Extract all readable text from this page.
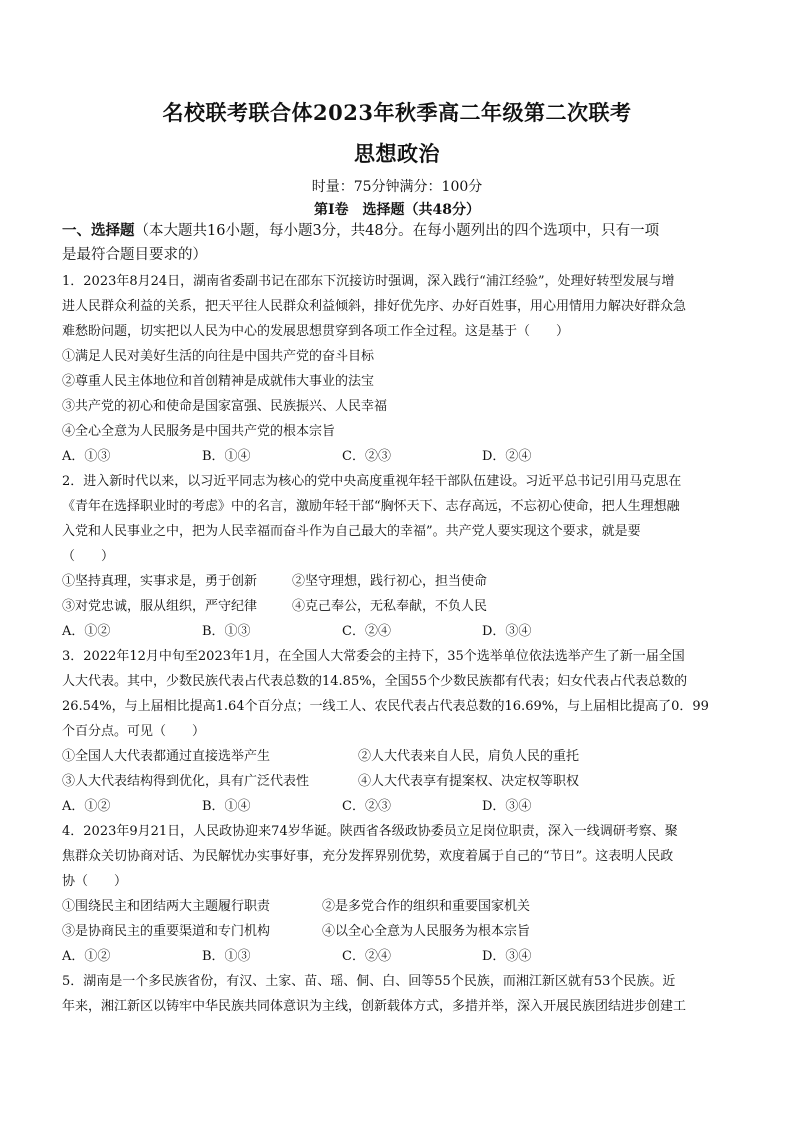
名校联考联合体2023年秋季高二年级第二次联考
思想政治
时量：75分钟满分：100分
第Ⅰ卷　选择题（共48分）
一、选择题（本大题共16小题，每小题3分，共48分。在每小题列出的四个选项中，只有一项
是最符合题目要求的）
1．2023年8月24日，湖南省委副书记在邵东下沉接访时强调，深入践行“浦江经验”，处理好转型发展与增
进人民群众利益的关系，把天平往人民群众利益倾斜，排好优先序、办好百姓事，用心用情用力解决好群众急
难愁盼问题，切实把以人民为中心的发展思想贯穿到各项工作全过程。这是基于（　　）
①满足人民对美好生活的向往是中国共产党的奋斗目标
②尊重人民主体地位和首创精神是成就伟大事业的法宝
③共产党的初心和使命是国家富强、民族振兴、人民幸福
④全心全意为人民服务是中国共产党的根本宗旨
A．①③	B．①④	C．②③	D．②④
2．进入新时代以来，以习近平同志为核心的党中央高度重视年轻干部队伍建设。习近平总书记引用马克思在
《青年在选择职业时的考虑》中的名言，激励年轻干部“胸怀天下、志存高远，不忘初心使命，把人生理想融
入党和人民事业之中，把为人民幸福而奋斗作为自己最大的幸福”。共产党人要实现这个要求，就是要
（　　）
①坚持真理，实事求是，勇于创新	②坚守理想，践行初心，担当使命
③对党忠诚，服从组织，严守纪律	④克己奉公，无私奉献，不负人民
A．①②	B．①③	C．②④	D．③④
3．2022年12月中旬至2023年1月，在全国人大常委会的主持下，35个选举单位依法选举产生了新一届全国
人大代表。其中，少数民族代表占代表总数的14.85%，全国55个少数民族都有代表；妇女代表占代表总数的
26.54%，与上届相比提高1.64个百分点；一线工人、农民代表占代表总数的16.69%，与上届相比提高了0．99
个百分点。可见（　　）
①全国人大代表都通过直接选举产生	②人大代表来自人民，肩负人民的重托
③人大代表结构得到优化，具有广泛代表性	④人大代表享有提案权、决定权等职权
A．①②	B．①④	C．②③	D．③④
4．2023年9月21日，人民政协迎来74岁华诞。陕西省各级政协委员立足岗位职责，深入一线调研考察、聚
焦群众关切协商对话、为民解忧办实事好事，充分发挥界别优势，欢度着属于自己的“节日”。这表明人民政
协（　　）
①围绕民主和团结两大主题履行职责	②是多党合作的组织和重要国家机关
③是协商民主的重要渠道和专门机构	④以全心全意为人民服务为根本宗旨
A．①②	B．①③	C．②④	D．③④
5．湖南是一个多民族省份，有汉、土家、苗、瑶、侗、白、回等55个民族，而湘江新区就有53个民族。近
年来，湘江新区以铸牢中华民族共同体意识为主线，创新载体方式，多措并举，深入开展民族团结进步创建工
